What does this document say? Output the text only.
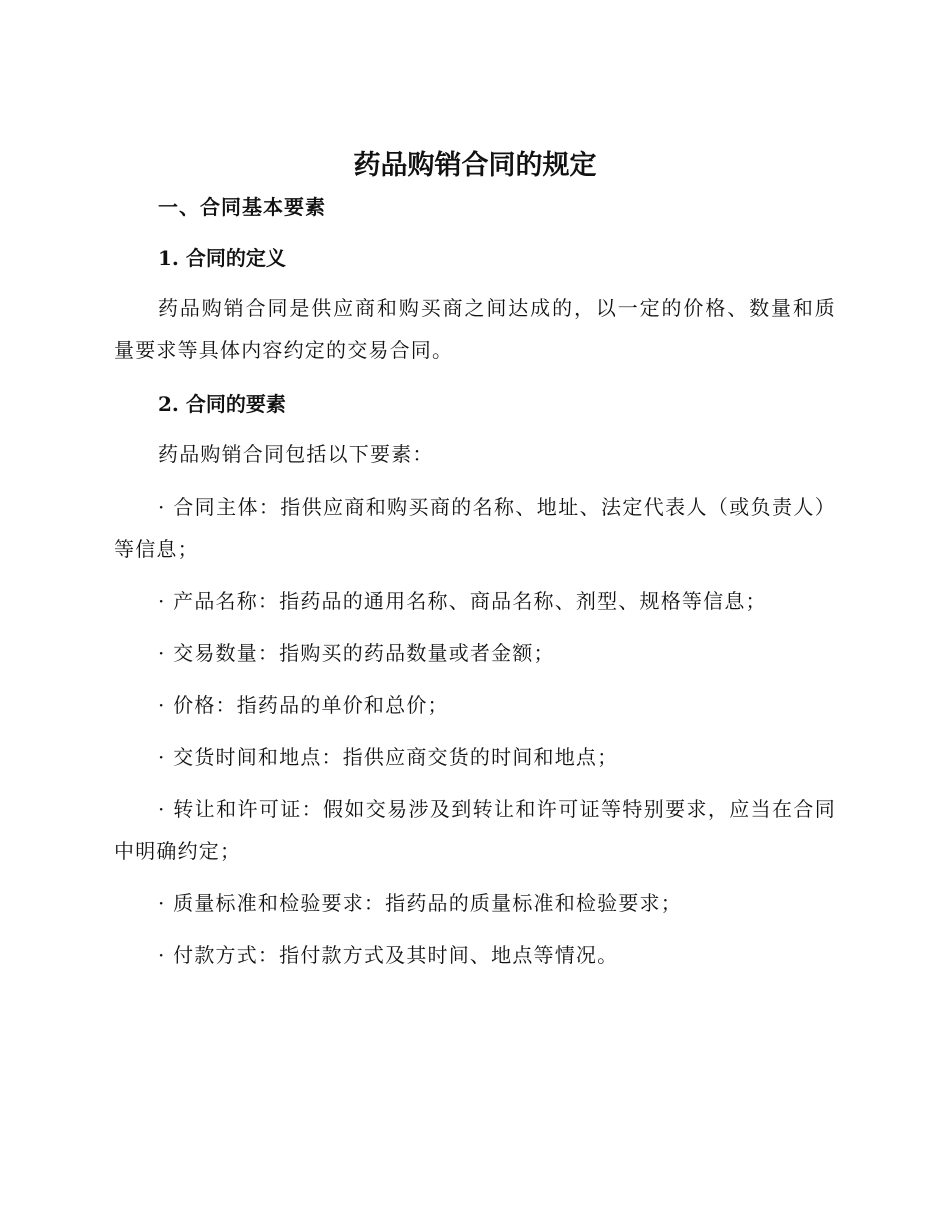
药品购销合同的规定
一、合同基本要素
1. 合同的定义

药品购销合同是供应商和购买商之间达成的，以一定的价格、数量和质量要求等具体内容约定的交易合同。

2. 合同的要素

药品购销合同包括以下要素：

· 合同主体：指供应商和购买商的名称、地址、法定代表人（或负责人）等信息；

· 产品名称：指药品的通用名称、商品名称、剂型、规格等信息；

· 交易数量：指购买的药品数量或者金额；

· 价格：指药品的单价和总价；

· 交货时间和地点：指供应商交货的时间和地点；

· 转让和许可证：假如交易涉及到转让和许可证等特别要求，应当在合同中明确约定；

· 质量标准和检验要求：指药品的质量标准和检验要求；

· 付款方式：指付款方式及其时间、地点等情况。
